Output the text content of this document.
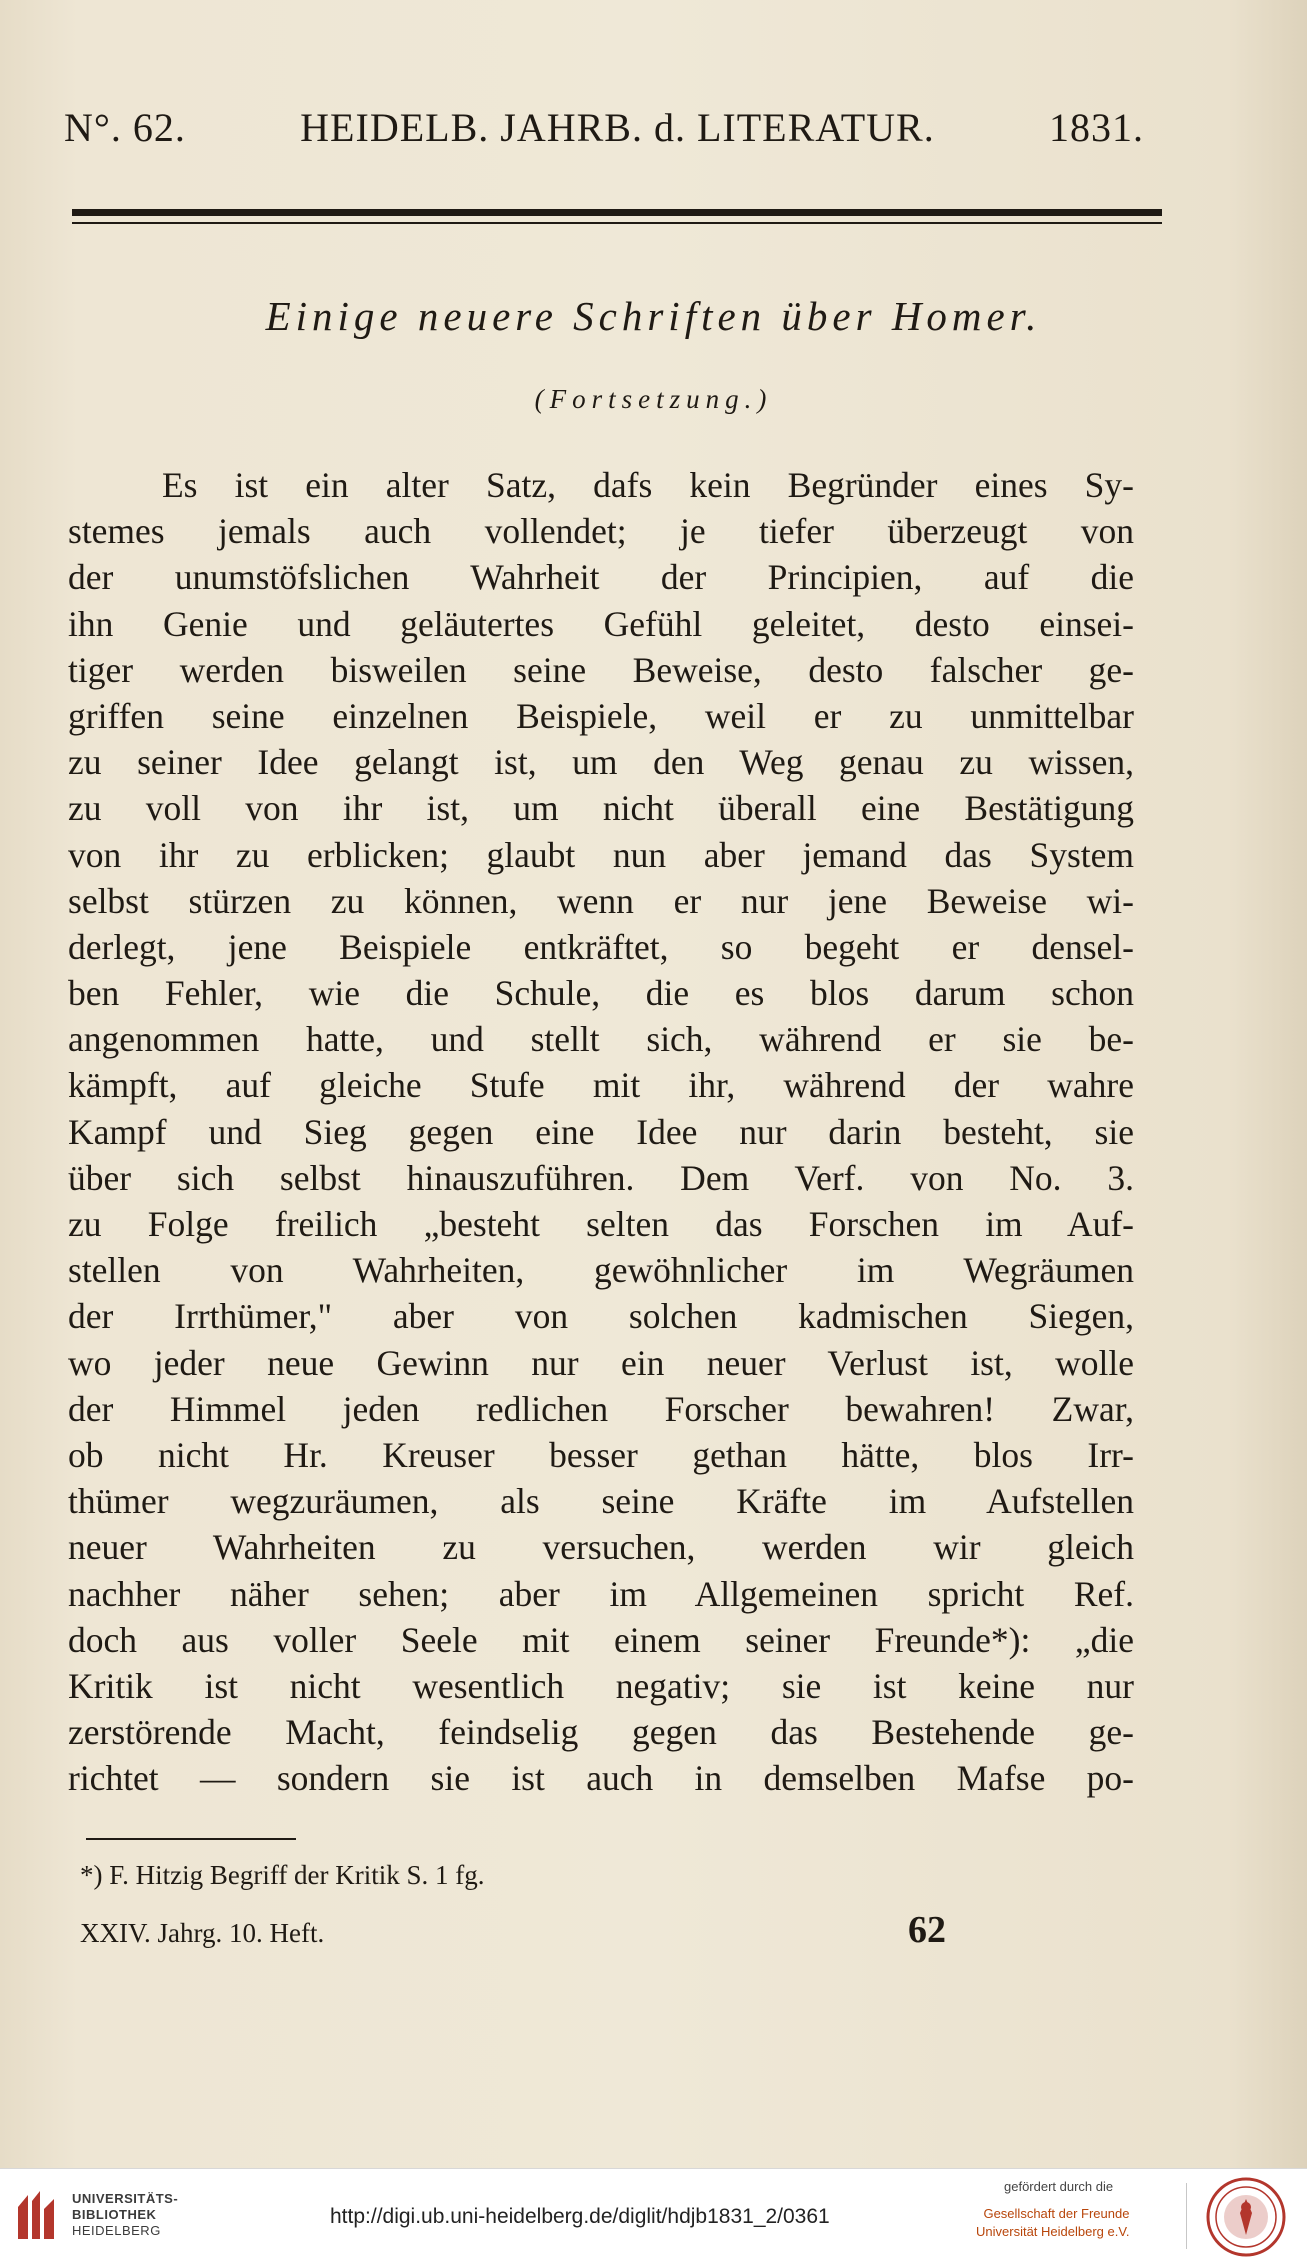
N°. 62.	HEIDELB. JAHRB. d. LITERATUR.	1831.
Einige neuere Schriften über Homer.
(Fortsetzung.)
Es ist ein alter Satz, dafs kein Begründer eines Sy-
stemes jemals auch vollendet; je tiefer überzeugt von
der unumstöfslichen Wahrheit der Principien, auf die
ihn Genie und geläutertes Gefühl geleitet, desto einsei-
tiger werden bisweilen seine Beweise, desto falscher ge-
griffen seine einzelnen Beispiele, weil er zu unmittelbar
zu seiner Idee gelangt ist, um den Weg genau zu wissen,
zu voll von ihr ist, um nicht überall eine Bestätigung
von ihr zu erblicken; glaubt nun aber jemand das System
selbst stürzen zu können, wenn er nur jene Beweise wi-
derlegt, jene Beispiele entkräftet, so begeht er densel-
ben Fehler, wie die Schule, die es blos darum schon
angenommen hatte, und stellt sich, während er sie be-
kämpft, auf gleiche Stufe mit ihr, während der wahre
Kampf und Sieg gegen eine Idee nur darin besteht, sie
über sich selbst hinauszuführen. Dem Verf. von No. 3.
zu Folge freilich „besteht selten das Forschen im Auf-
stellen von Wahrheiten, gewöhnlicher im Wegräumen
der Irrthümer," aber von solchen kadmischen Siegen,
wo jeder neue Gewinn nur ein neuer Verlust ist, wolle
der Himmel jeden redlichen Forscher bewahren! Zwar,
ob nicht Hr. Kreuser besser gethan hätte, blos Irr-
thümer wegzuräumen, als seine Kräfte im Aufstellen
neuer Wahrheiten zu versuchen, werden wir gleich
nachher näher sehen; aber im Allgemeinen spricht Ref.
doch aus voller Seele mit einem seiner Freunde*): „die
Kritik ist nicht wesentlich negativ; sie ist keine nur
zerstörende Macht, feindselig gegen das Bestehende ge-
richtet — sondern sie ist auch in demselben Mafse po-
*) F. Hitzig Begriff der Kritik S. 1 fg.
XXIV. Jahrg. 10. Heft.	62
UNIVERSITÄTS-
BIBLIOTHEK
HEIDELBERG
http://digi.ub.uni-heidelberg.de/diglit/hdjb1831_2/0361
gefördert durch die
Gesellschaft der Freunde
Universität Heidelberg e.V.
